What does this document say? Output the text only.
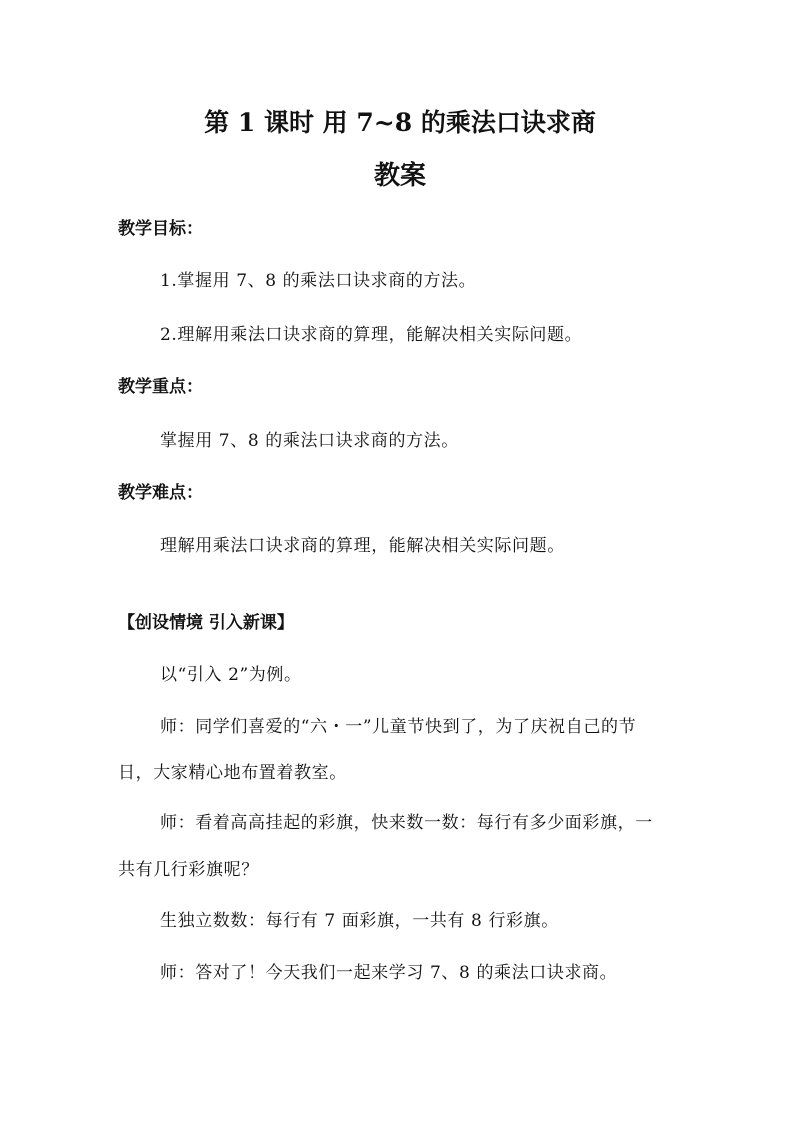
第 1 课时 用 7~8 的乘法口诀求商
教案
教学目标：
1.掌握用 7、8 的乘法口诀求商的方法。
2.理解用乘法口诀求商的算理，能解决相关实际问题。
教学重点：
掌握用 7、8 的乘法口诀求商的方法。
教学难点：
理解用乘法口诀求商的算理，能解决相关实际问题。
【创设情境 引入新课】
以“引入 2”为例。
师：同学们喜爱的“六・一”儿童节快到了，为了庆祝自己的节
日，大家精心地布置着教室。
师：看着高高挂起的彩旗，快来数一数：每行有多少面彩旗，一
共有几行彩旗呢？
生独立数数：每行有 7 面彩旗，一共有 8 行彩旗。
师：答对了！今天我们一起来学习 7、8 的乘法口诀求商。
